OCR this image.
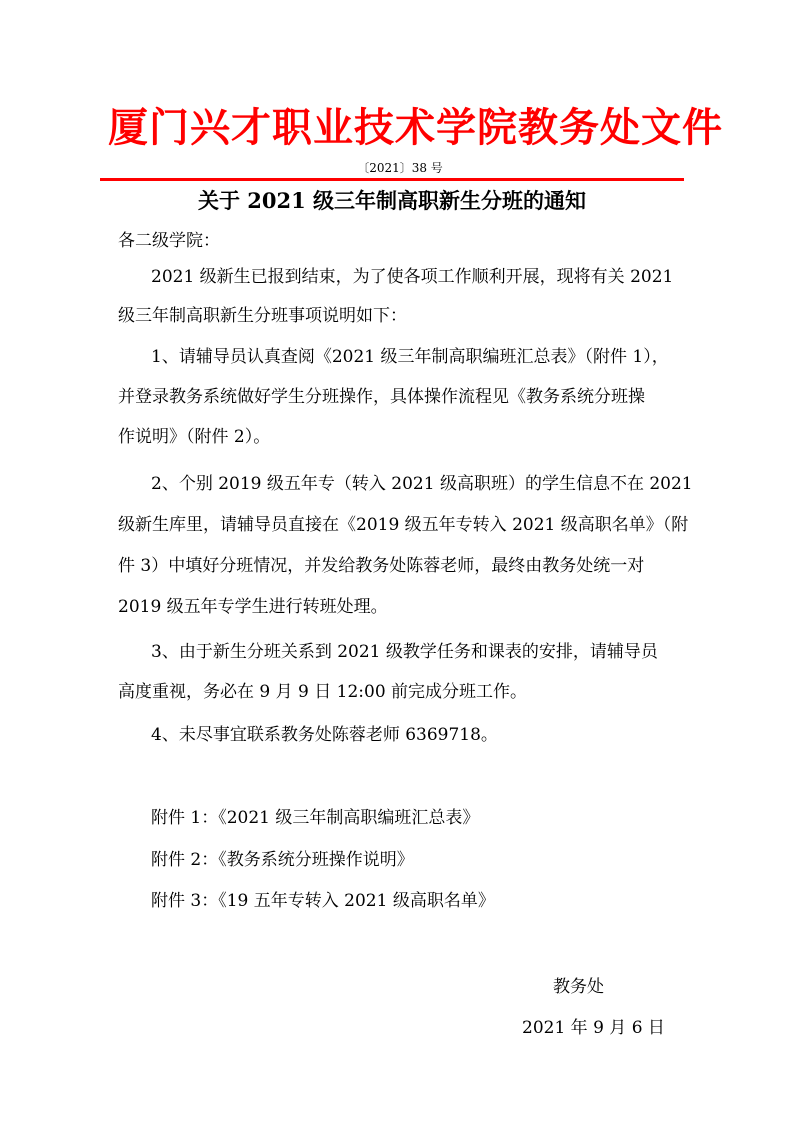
厦门兴才职业技术学院教务处文件
〔2021〕38 号
关于 2021 级三年制高职新生分班的通知
各二级学院：
2021 级新生已报到结束，为了使各项工作顺利开展，现将有关 2021
级三年制高职新生分班事项说明如下：
1、请辅导员认真查阅《2021 级三年制高职编班汇总表》（附件 1），
并登录教务系统做好学生分班操作，具体操作流程见《教务系统分班操
作说明》（附件 2）。
2、个别 2019 级五年专（转入 2021 级高职班）的学生信息不在 2021
级新生库里，请辅导员直接在《2019 级五年专转入 2021 级高职名单》（附
件 3）中填好分班情况，并发给教务处陈蓉老师，最终由教务处统一对
2019 级五年专学生进行转班处理。
3、由于新生分班关系到 2021 级教学任务和课表的安排，请辅导员
高度重视，务必在 9 月 9 日 12:00 前完成分班工作。
4、未尽事宜联系教务处陈蓉老师 6369718。
附件 1：《2021 级三年制高职编班汇总表》
附件 2：《教务系统分班操作说明》
附件 3：《19 五年专转入 2021 级高职名单》
教务处
2021 年 9 月 6 日
